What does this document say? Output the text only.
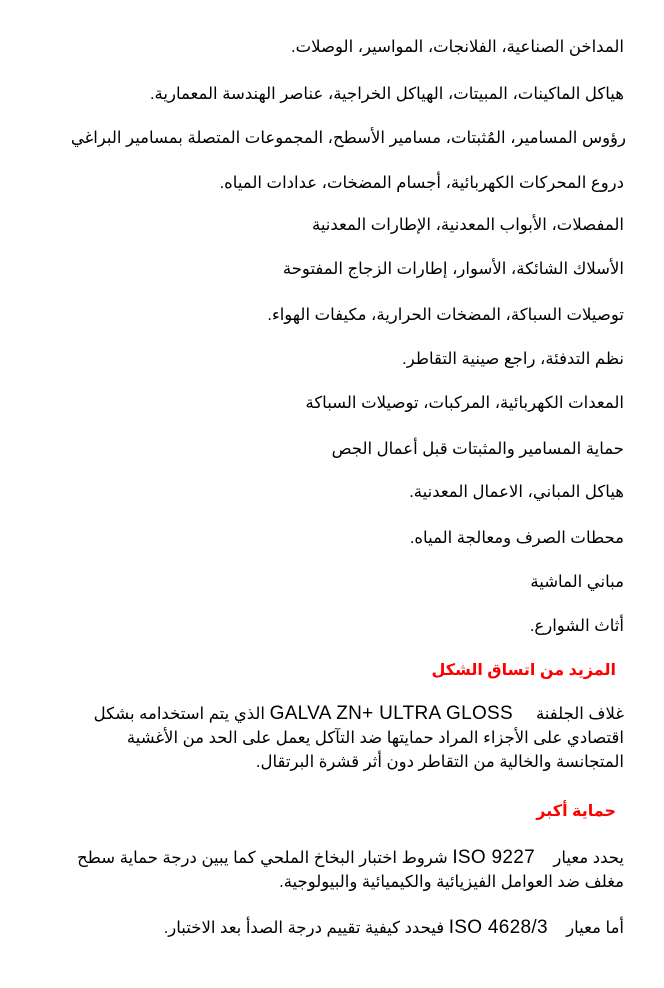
المداخن الصناعية، الفلانجات، المواسير، الوصلات.
هياكل الماكينات، المبيتات، الهياكل الخراجية، عناصر الهندسة المعمارية.
رؤوس المسامير، المُثبتات، مسامير الأسطح، المجموعات المتصلة بمسامير البراغي
دروع المحركات الكهربائية، أجسام المضخات، عدادات المياه.
المفصلات، الأبواب المعدنية، الإطارات المعدنية
الأسلاك الشائكة، الأسوار، إطارات الزجاج المفتوحة
توصيلات السباكة، المضخات الحرارية، مكيفات الهواء.
نظم التدفئة، راجع صينية التقاطر.
المعدات الكهربائية، المركبات، توصيلات السباكة
حماية المسامير والمثبتات قبل أعمال الجص
هياكل المباني، الاعمال المعدنية.
محطات الصرف ومعالجة المياه.
مباني الماشية
أثاث الشوارع.
المزيد من اتساق الشكل
غلاف الجلفنة     GALVA ZN+ ULTRA GLOSS الذي يتم استخدامه بشكل
اقتصادي على الأجزاء المراد حمايتها ضد التآكل يعمل على الحد من الأغشية
المتجانسة والخالية من التقاطر دون أثر قشرة البرتقال.
حماية أكبر
يحدد معيار    ISO 9227 شروط اختبار البخاخ الملحي كما يبين درجة حماية سطح
مغلف ضد العوامل الفيزيائية والكيميائية والبيولوجية.
أما معيار    ISO 4628/3 فيحدد كيفية تقييم درجة الصدأ بعد الاختبار.
